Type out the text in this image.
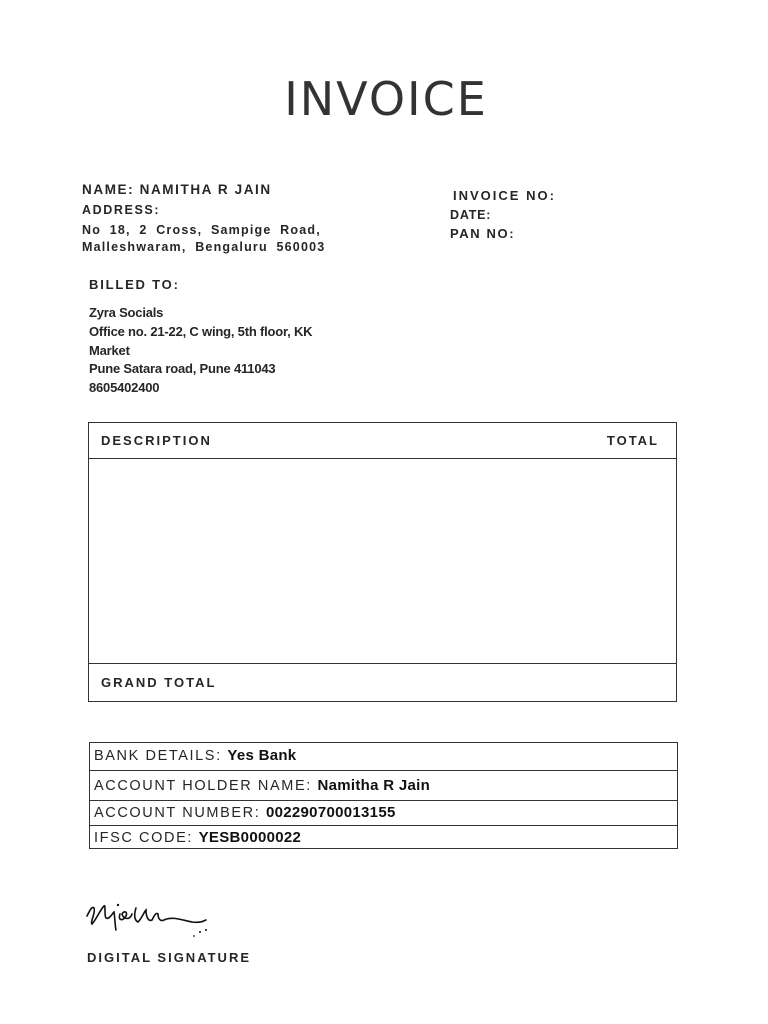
INVOICE
NAME: NAMITHA R JAIN
ADDRESS:
No 18, 2 Cross, Sampige Road,
Malleshwaram, Bengaluru 560003
INVOICE NO:
DATE:
PAN NO:
BILLED TO:
Zyra Socials
Office no. 21-22, C wing, 5th floor, KK
Market
Pune Satara road, Pune 411043
8605402400
DESCRIPTION	TOTAL
GRAND TOTAL
BANK DETAILS: Yes Bank
ACCOUNT HOLDER NAME: Namitha R Jain
ACCOUNT NUMBER: 002290700013155
IFSC CODE: YESB0000022
DIGITAL SIGNATURE
